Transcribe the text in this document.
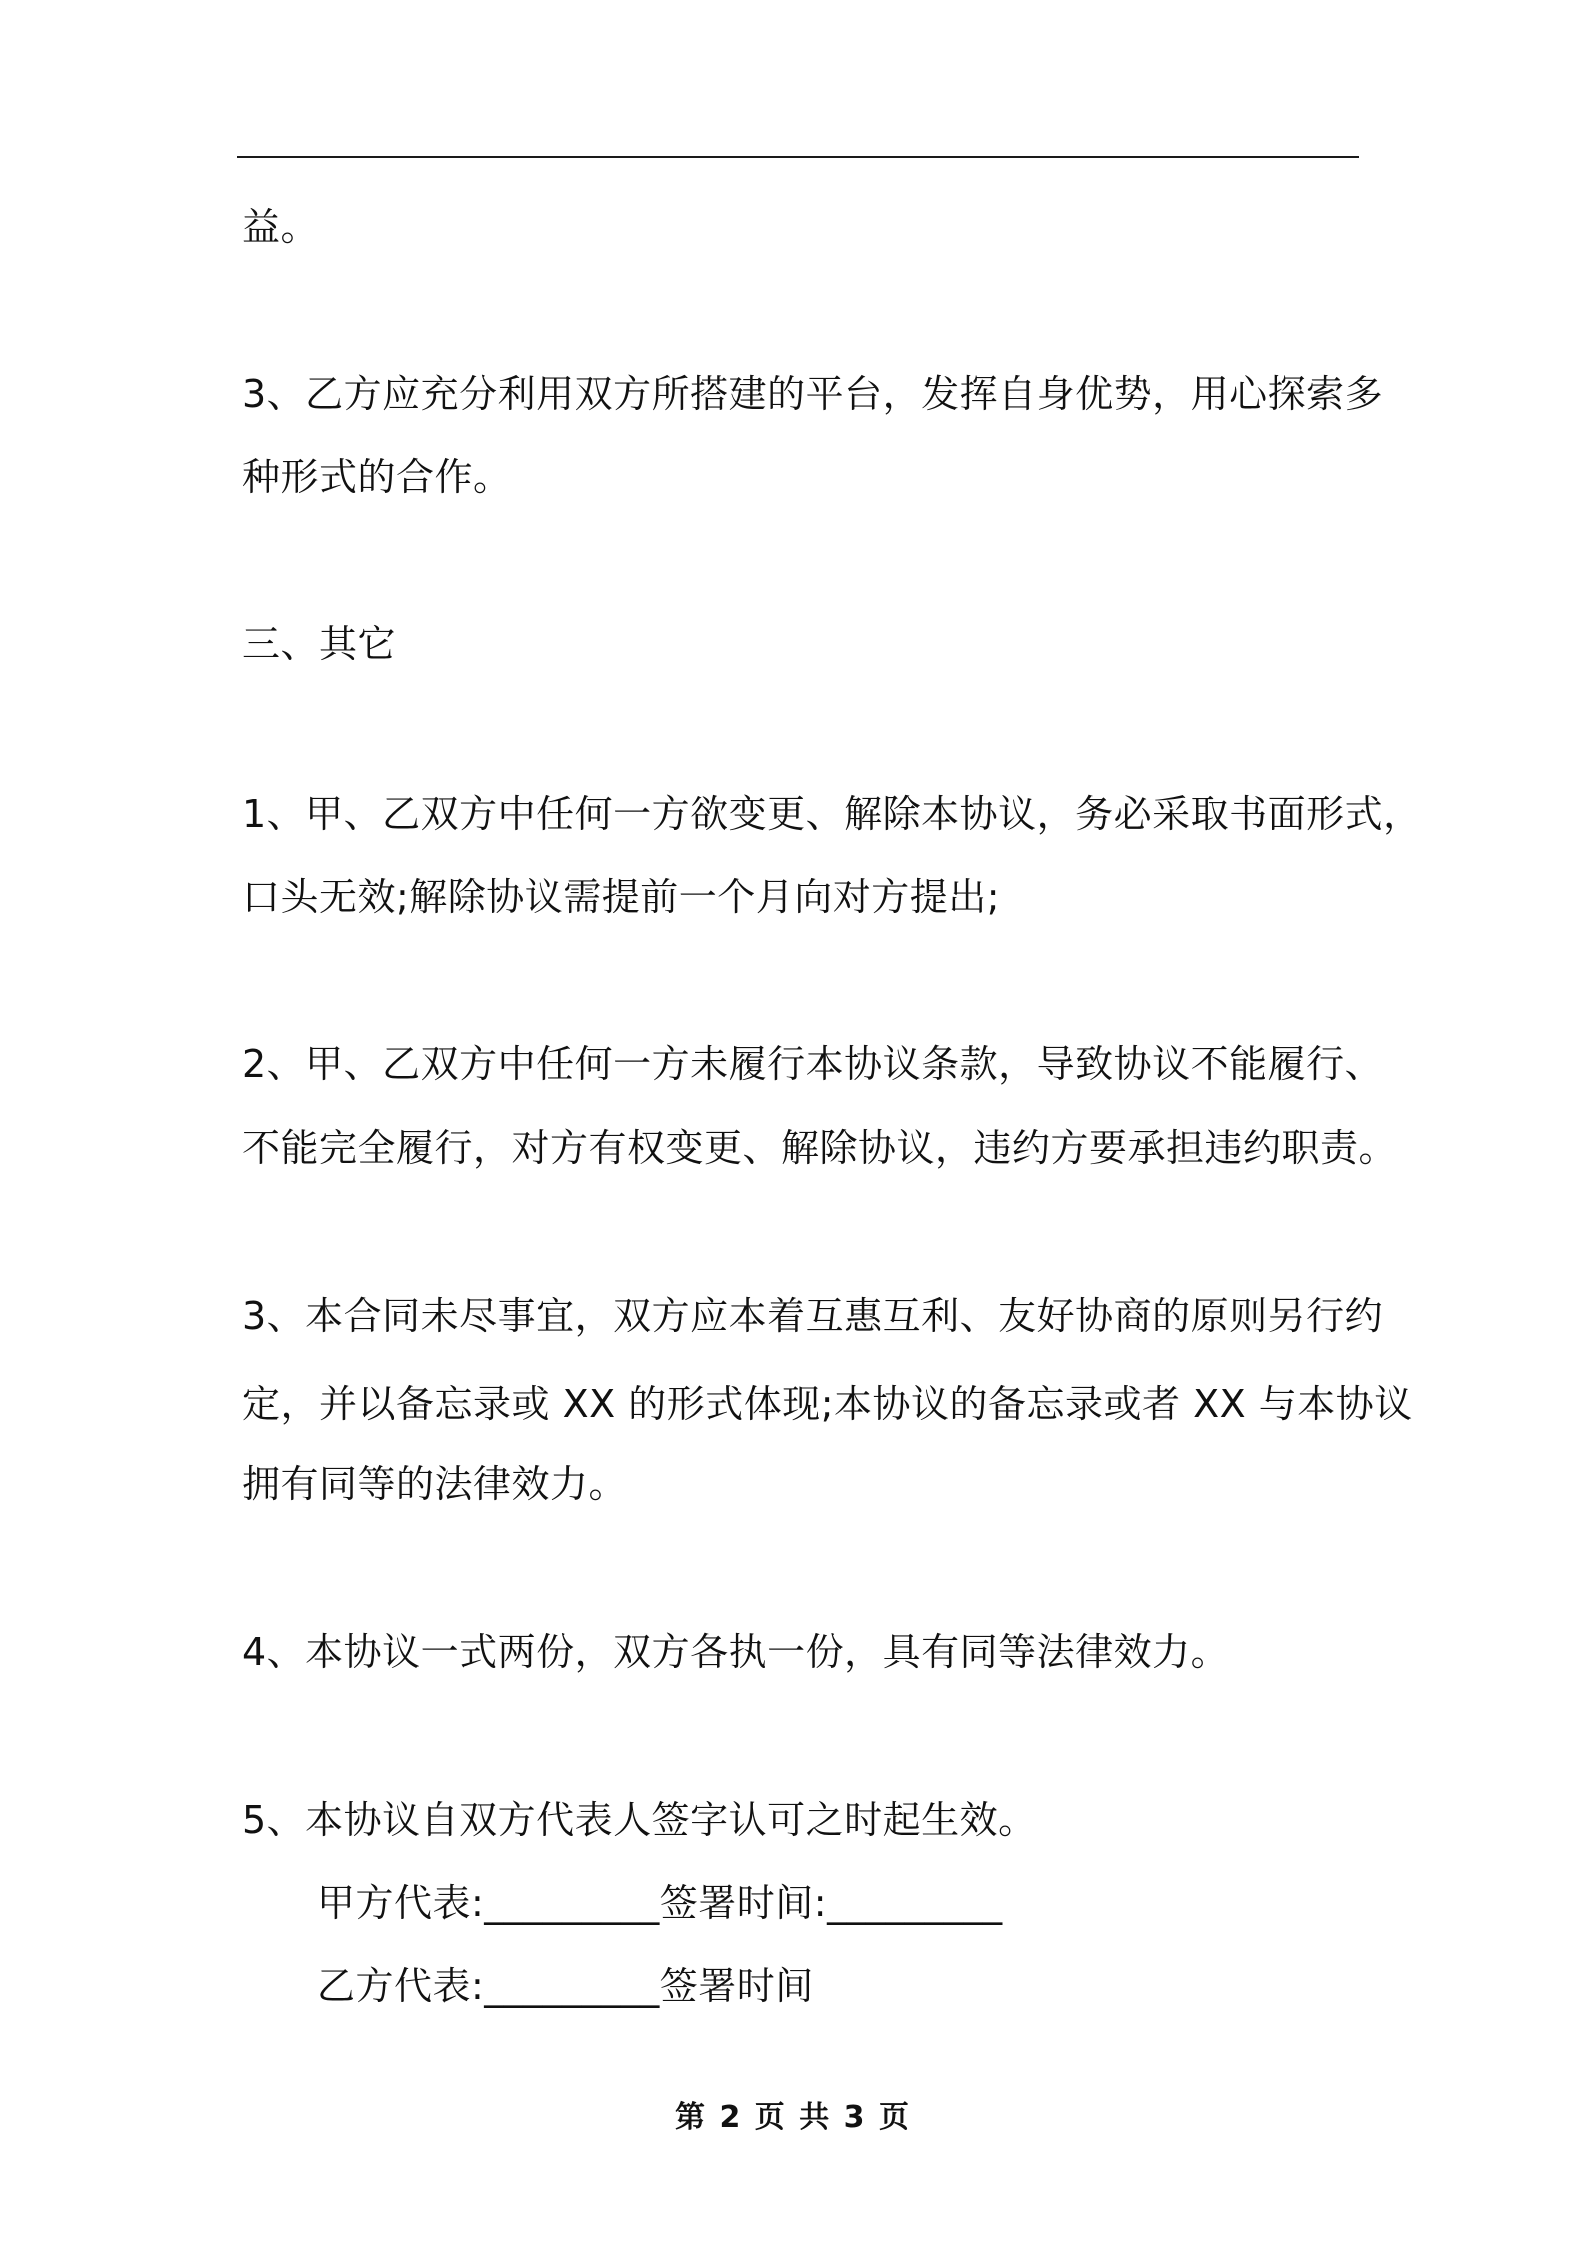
益。
3、乙方应充分利用双方所搭建的平台，发挥自身优势，用心探索多
种形式的合作。
三、其它
1、甲、乙双方中任何一方欲变更、解除本协议，务必采取书面形式，
口头无效;解除协议需提前一个月向对方提出;
2、甲、乙双方中任何一方未履行本协议条款，导致协议不能履行、
不能完全履行，对方有权变更、解除协议，违约方要承担违约职责。
3、本合同未尽事宜，双方应本着互惠互利、友好协商的原则另行约
定，并以备忘录或 XX 的形式体现;本协议的备忘录或者 XX 与本协议
拥有同等的法律效力。
4、本协议一式两份，双方各执一份，具有同等法律效力。
5、本协议自双方代表人签字认可之时起生效。
甲方代表:_________签署时间:_________
乙方代表:_________签署时间
第 2 页 共 3 页
